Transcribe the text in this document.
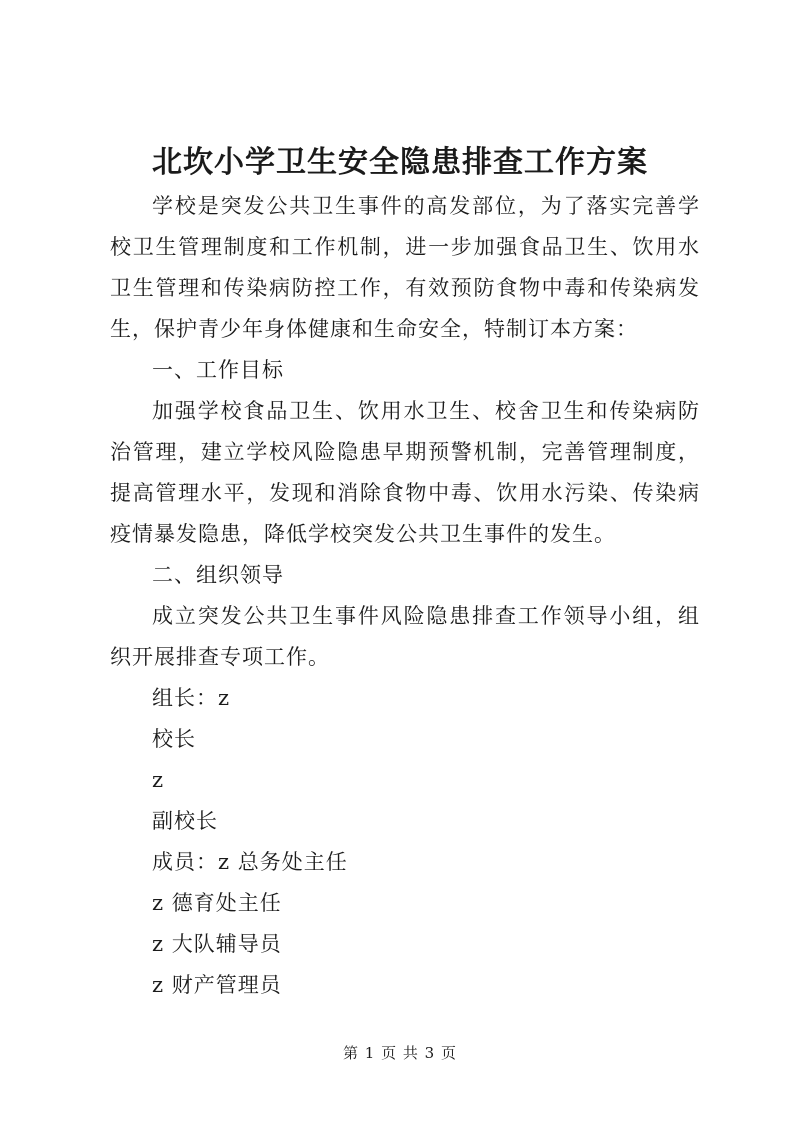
北坎小学卫生安全隐患排查工作方案

学校是突发公共卫生事件的高发部位，为了落实完善学校卫生管理制度和工作机制，进一步加强食品卫生、饮用水卫生管理和传染病防控工作，有效预防食物中毒和传染病发生，保护青少年身体健康和生命安全，特制订本方案：

一、工作目标

加强学校食品卫生、饮用水卫生、校舍卫生和传染病防治管理，建立学校风险隐患早期预警机制，完善管理制度，提高管理水平，发现和消除食物中毒、饮用水污染、传染病疫情暴发隐患，降低学校突发公共卫生事件的发生。

二、组织领导

成立突发公共卫生事件风险隐患排查工作领导小组，组织开展排查专项工作。

组长：z

校长

z

副校长

成员：z 总务处主任

z 德育处主任

z 大队辅导员

z 财产管理员

第 1 页 共 3 页
